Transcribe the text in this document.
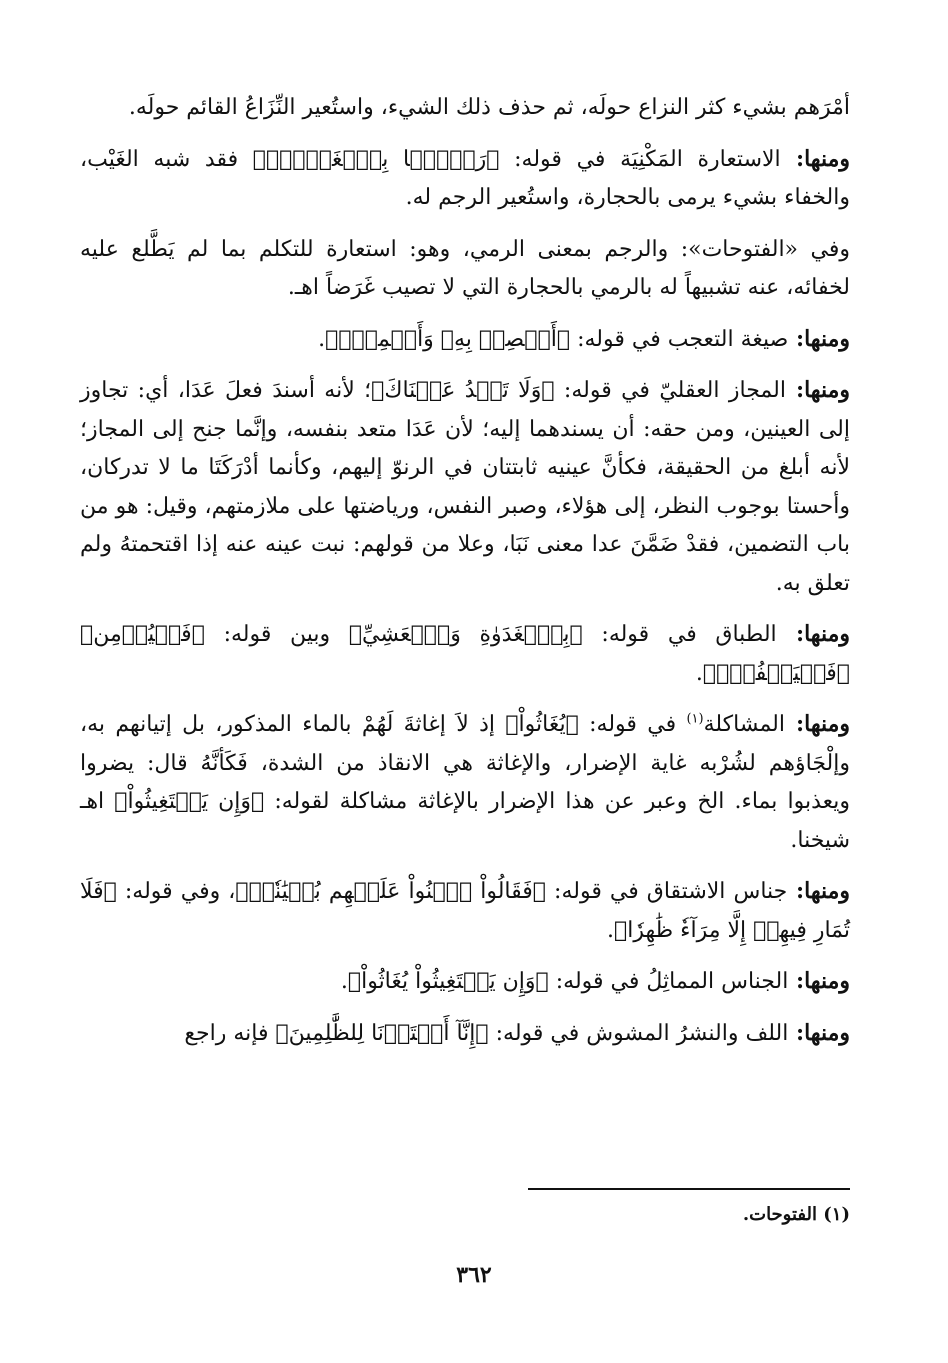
أمْرَهم بشيء كثر النزاع حولَه، ثم حذف ذلك الشيء، واستُعير النِّزَاعُ القائم حولَه.

ومنها: الاستعارة المَكْنِيَة في قوله: ﴿رَجۡمَۢا بِٱلۡغَيۡبِۖ﴾ فقد شبه الغَيْب، والخفاء بشيء يرمى بالحجارة، واستُعير الرجم له.

وفي «الفتوحات»: والرجم بمعنى الرمي، وهو: استعارة للتكلم بما لم يَطَّلع عليه لخفائه، عنه تشبيهاً له بالرمي بالحجارة التي لا تصيب غَرَضاً اهـ.

ومنها: صيغة التعجب في قوله: ﴿أَبۡصِرۡ بِهِۦ وَأَسۡمِعۡۚ﴾.

ومنها: المجاز العقليّ في قوله: ﴿وَلَا تَعۡدُ عَيۡنَاكَ﴾؛ لأنه أسندَ فعلَ عَدَا، أي: تجاوز إلى العينين، ومن حقه: أن يسندهما إليه؛ لأن عَدَا متعد بنفسه، وإنَّما جنح إلى المجاز؛ لأنه أبلغ من الحقيقة، فكأنَّ عينيه ثابتتان في الرنوّ إليهم، وكأنما أدْرَكَتَا ما لا تدركان، وأحستا بوجوب النظر، إلى هؤلاء، وصبر النفس، ورياضتها على ملازمتهم، وقيل: هو من باب التضمين، فقدْ ضَمَّنَ عدا معنى نَبَا، وعلا من قولهم: نبت عينه عنه إذا اقتحمتهُ ولم تعلق به.

ومنها: الطباق في قوله: ﴿بِٱلۡغَدَوٰةِ وَٱلۡعَشِيِّ﴾ وبين قوله: ﴿فَلۡيُؤۡمِن﴾ ﴿فَلۡيَكۡفُرۡۚ﴾.

ومنها: المشاكلة$^{(١)}$ في قوله: ﴿يُغَاثُواْ﴾ إذ لاَ إغاثةَ لَهُمْ بالماء المذكور، بل إتيانهم به، وإلْجَاؤهم لشُرْبه غاية الإضرار، والإغاثة هي الانقاذ من الشدة، فَكَأنَّهُ قال: يضروا ويعذبوا بماء. الخ وعبر عن هذا الإضرار بالإغاثة مشاكلة لقوله: ﴿وَإِن يَسۡتَغِيثُواْ﴾ اهـ شيخنا.

ومنها: جناس الاشتقاق في قوله: ﴿فَقَالُواْ ٱبۡنُواْ عَلَيۡهِم بُنۡيَٰنٗاۖ﴾، وفي قوله: ﴿فَلَا تُمَارِ فِيهِمۡ إِلَّا مِرَآءٗ ظَٰهِرٗا﴾.

ومنها: الجناس المماثِلُ في قوله: ﴿وَإِن يَسۡتَغِيثُواْ يُغَاثُواْ﴾.

ومنها: اللف والنشرُ المشوش في قوله: ﴿إِنَّآ أَعۡتَدۡنَا لِلظَّٰلِمِينَ﴾ فإنه راجع

(١) الفتوحات.
٣٦٢
